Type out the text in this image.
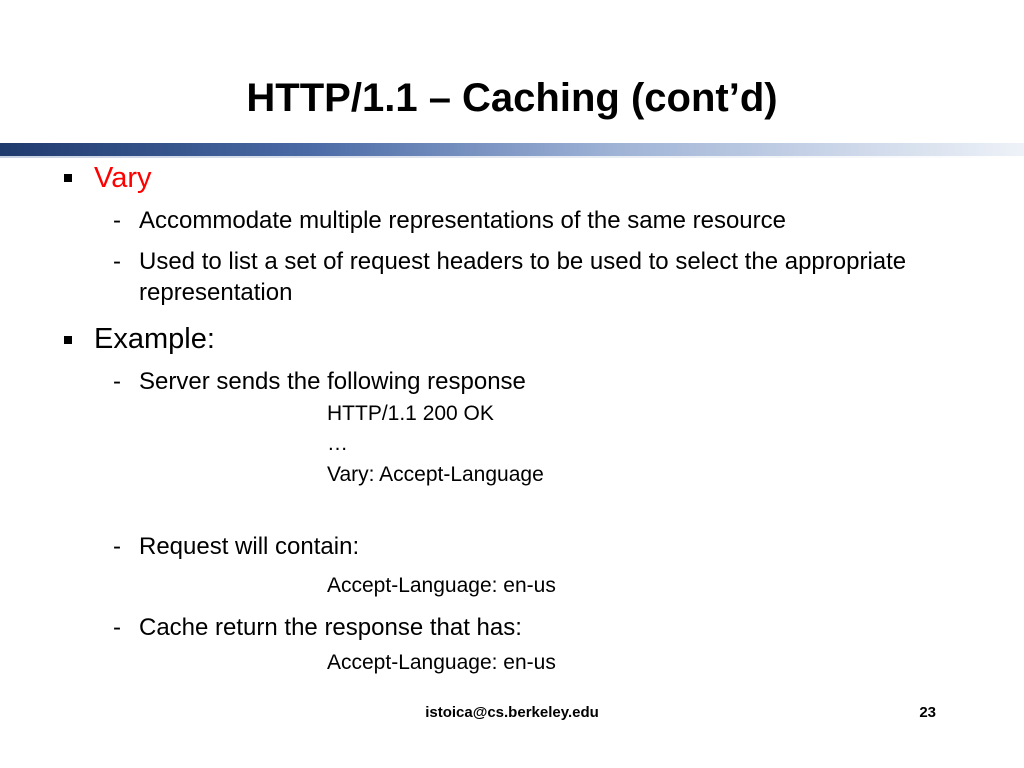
HTTP/1.1 – Caching (cont’d)
Vary
- Accommodate multiple representations of the same resource
- Used to list a set of request headers to be used to select the appropriate representation
Example:
- Server sends the following response
HTTP/1.1 200 OK
…
Vary: Accept-Language
- Request will contain:
Accept-Language: en-us
- Cache return the response that has:
Accept-Language: en-us
istoica@cs.berkeley.edu	23
